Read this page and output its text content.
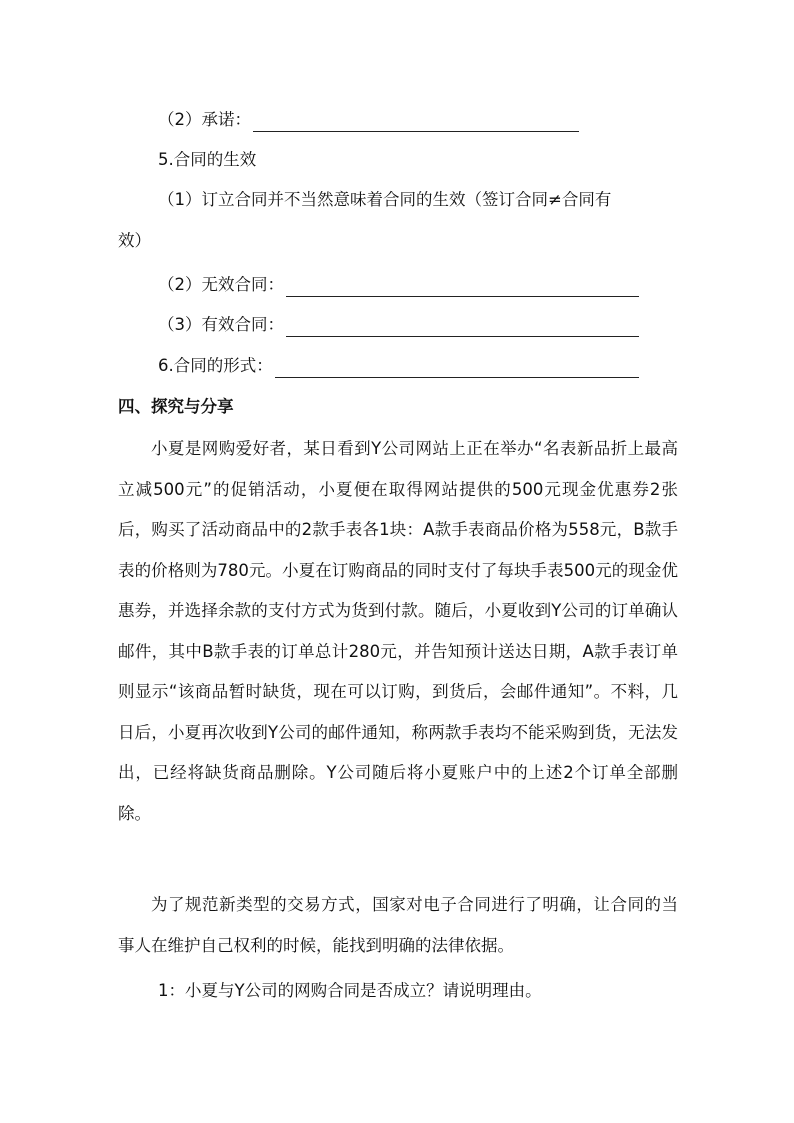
（2）承诺：
5.合同的生效
（1）订立合同并不当然意味着合同的生效（签订合同≠合同有
效）
（2）无效合同：
（3）有效合同：
6.合同的形式：
四、探究与分享

小夏是网购爱好者，某日看到Y公司网站上正在举办“名表新品折上最高立减500元”的促销活动，小夏便在取得网站提供的500元现金优惠券2张后，购买了活动商品中的2款手表各1块：A款手表商品价格为558元，B款手表的价格则为780元。小夏在订购商品的同时支付了每块手表500元的现金优惠券，并选择余款的支付方式为货到付款。随后，小夏收到Y公司的订单确认邮件，其中B款手表的订单总计280元，并告知预计送达日期，A款手表订单则显示“该商品暂时缺货，现在可以订购，到货后，会邮件通知”。不料，几日后，小夏再次收到Y公司的邮件通知，称两款手表均不能采购到货，无法发出，已经将缺货商品删除。Y公司随后将小夏账户中的上述2个订单全部删除。

为了规范新类型的交易方式，国家对电子合同进行了明确，让合同的当事人在维护自己权利的时候，能找到明确的法律依据。

1：小夏与Y公司的网购合同是否成立？请说明理由。
